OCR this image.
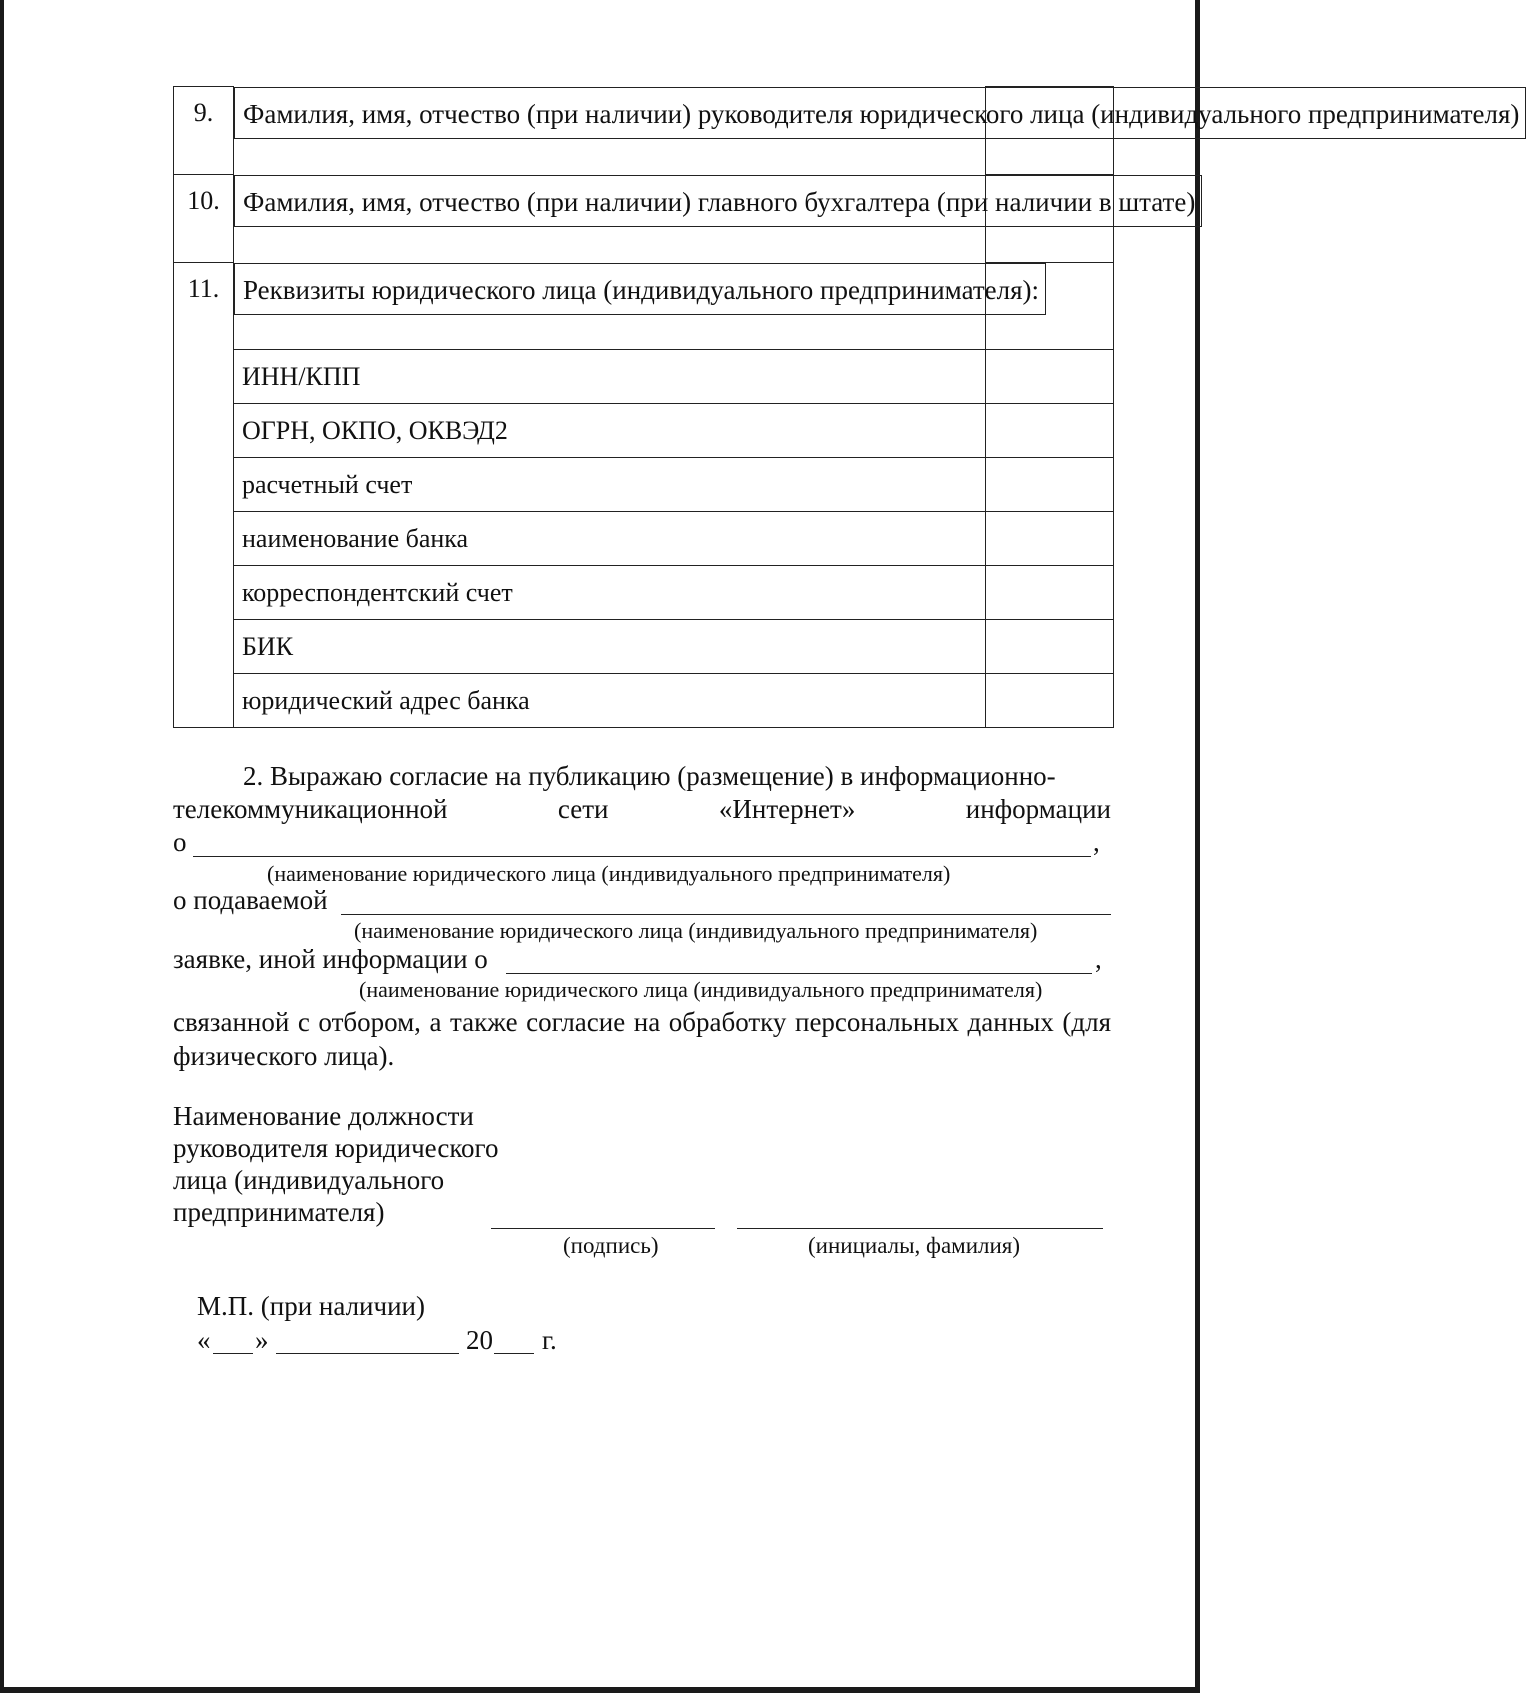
9.		Фамилия, имя, отчество (при наличии) руководителя юридического лица (индивидуального предпринимателя)

10.	Фамилия, имя, отчество (при наличии) главного бухгалтера (при наличии в штате)

11.	Реквизиты юридического лица (индивидуального предпринимателя):

	ИНН/КПП	
	ОГРН, ОКПО, ОКВЭД2	
	расчетный счет	
	наименование банка	
	корреспондентский счет	
	БИК	
	юридический адрес банка	
2. Выражаю согласие на публикацию (размещение) в информационно-
телекоммуникационной	сети	«Интернет»	информации
о	,
(наименование юридического лица (индивидуального предпринимателя)
о подаваемой
(наименование юридического лица (индивидуального предпринимателя)
заявке, иной информации о	,
(наименование юридического лица (индивидуального предпринимателя)
связанной с отбором, а также согласие на обработку персональных данных (для физического лица).
Наименование должности
руководителя юридического
лица (индивидуального
предпринимателя)
(подпись)	(инициалы, фамилия)
М.П. (при наличии)
« »	20 г.
